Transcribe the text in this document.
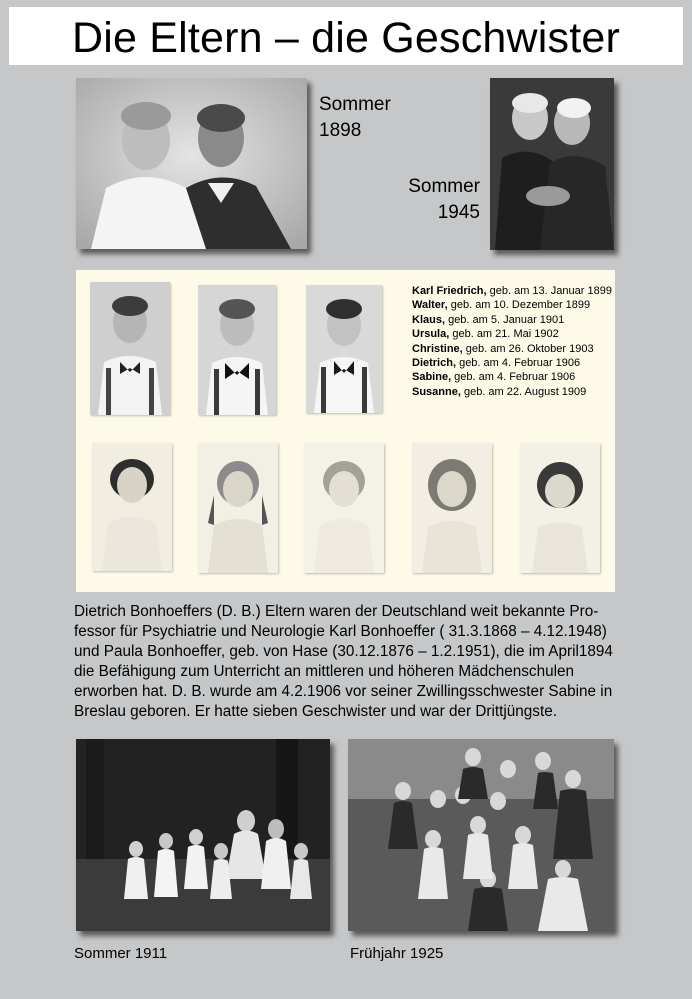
Die Eltern – die Geschwister
Sommer
1898
Sommer
1945
Karl Friedrich, geb. am 13. Januar 1899
Walter, geb. am 10. Dezember 1899
Klaus, geb. am 5. Januar 1901
Ursula, geb. am 21. Mai 1902
Christine, geb. am 26. Oktober 1903
Dietrich, geb. am 4. Februar 1906
Sabine, geb. am 4. Februar 1906
Susanne, geb. am 22. August 1909

Dietrich Bonhoeffers (D. B.) Eltern waren der Deutschland weit bekannte Pro-

fessor für Psychiatrie und Neurologie Karl Bonhoeffer ( 31.3.1868 – 4.12.1948)

und Paula Bonhoeffer, geb. von Hase (30.12.1876 – 1.2.1951), die im April1894

die Befähigung zum Unterricht an mittleren und höheren Mädchenschulen

erworben hat. D. B. wurde am 4.2.1906 vor seiner Zwillingsschwester Sabine in

Breslau geboren. Er hatte sieben Geschwister und war der Drittjüngste.

Sommer 1911	Frühjahr 1925
